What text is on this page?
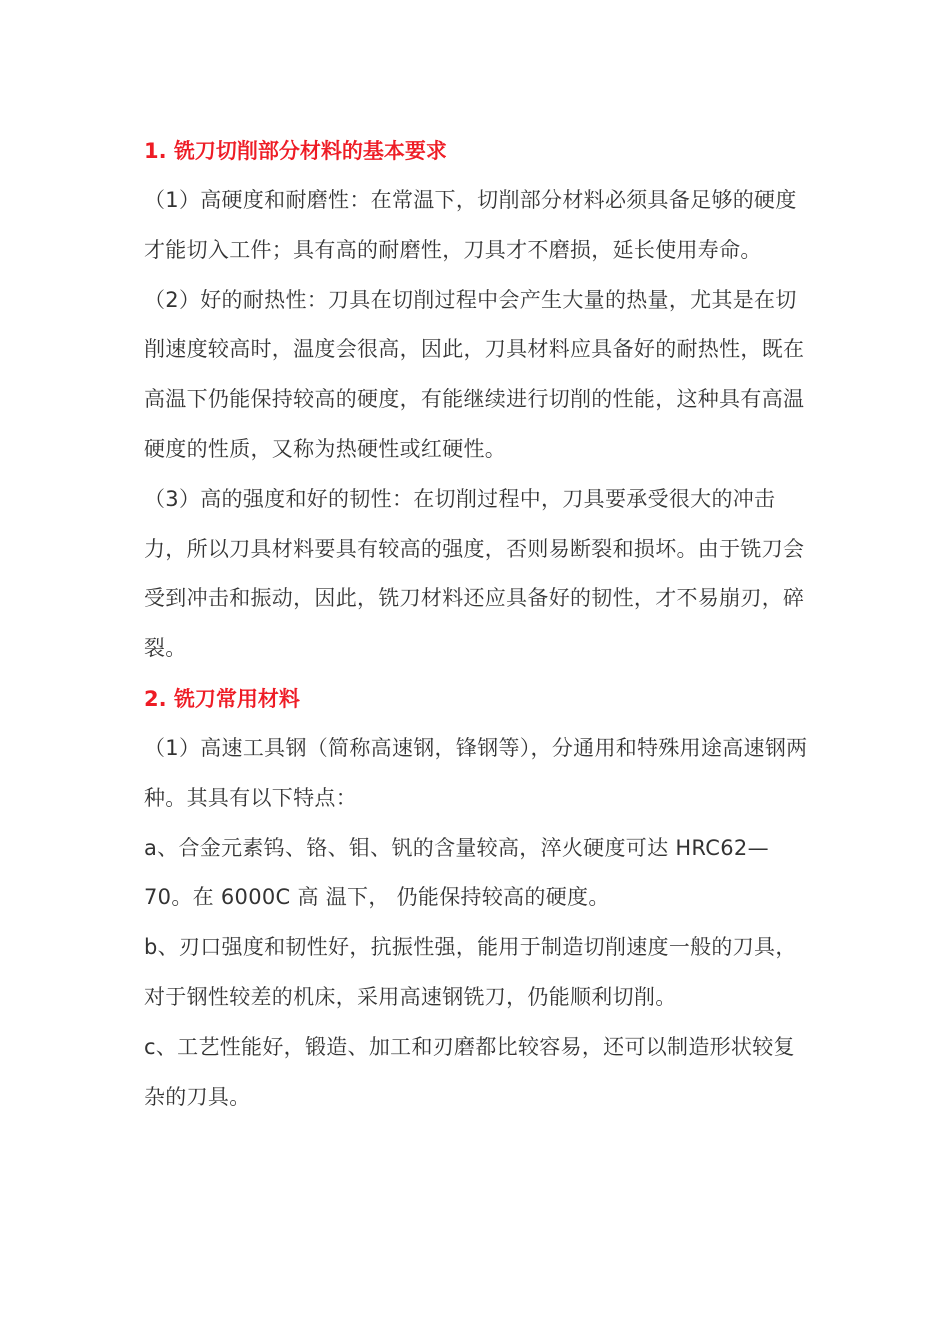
1. 铣刀切削部分材料的基本要求

（1）高硬度和耐磨性：在常温下，切削部分材料必须具备足够的硬度才能切入工件；具有高的耐磨性，刀具才不磨损，延长使用寿命。

（2）好的耐热性：刀具在切削过程中会产生大量的热量，尤其是在切削速度较高时，温度会很高，因此，刀具材料应具备好的耐热性，既在高温下仍能保持较高的硬度，有能继续进行切削的性能，这种具有高温硬度的性质，又称为热硬性或红硬性。

（3）高的强度和好的韧性：在切削过程中，刀具要承受很大的冲击力，所以刀具材料要具有较高的强度，否则易断裂和损坏。由于铣刀会受到冲击和振动，因此，铣刀材料还应具备好的韧性，才不易崩刃，碎裂。

2. 铣刀常用材料

（1）高速工具钢（简称高速钢，锋钢等），分通用和特殊用途高速钢两种。其具有以下特点：

a、合金元素钨、铬、钼、钒的含量较高，淬火硬度可达 HRC62—70。在 6000C 高 温下， 仍能保持较高的硬度。

b、刃口强度和韧性好，抗振性强，能用于制造切削速度一般的刀具，对于钢性较差的机床，采用高速钢铣刀，仍能顺利切削。

c、工艺性能好，锻造、加工和刃磨都比较容易，还可以制造形状较复杂的刀具。
